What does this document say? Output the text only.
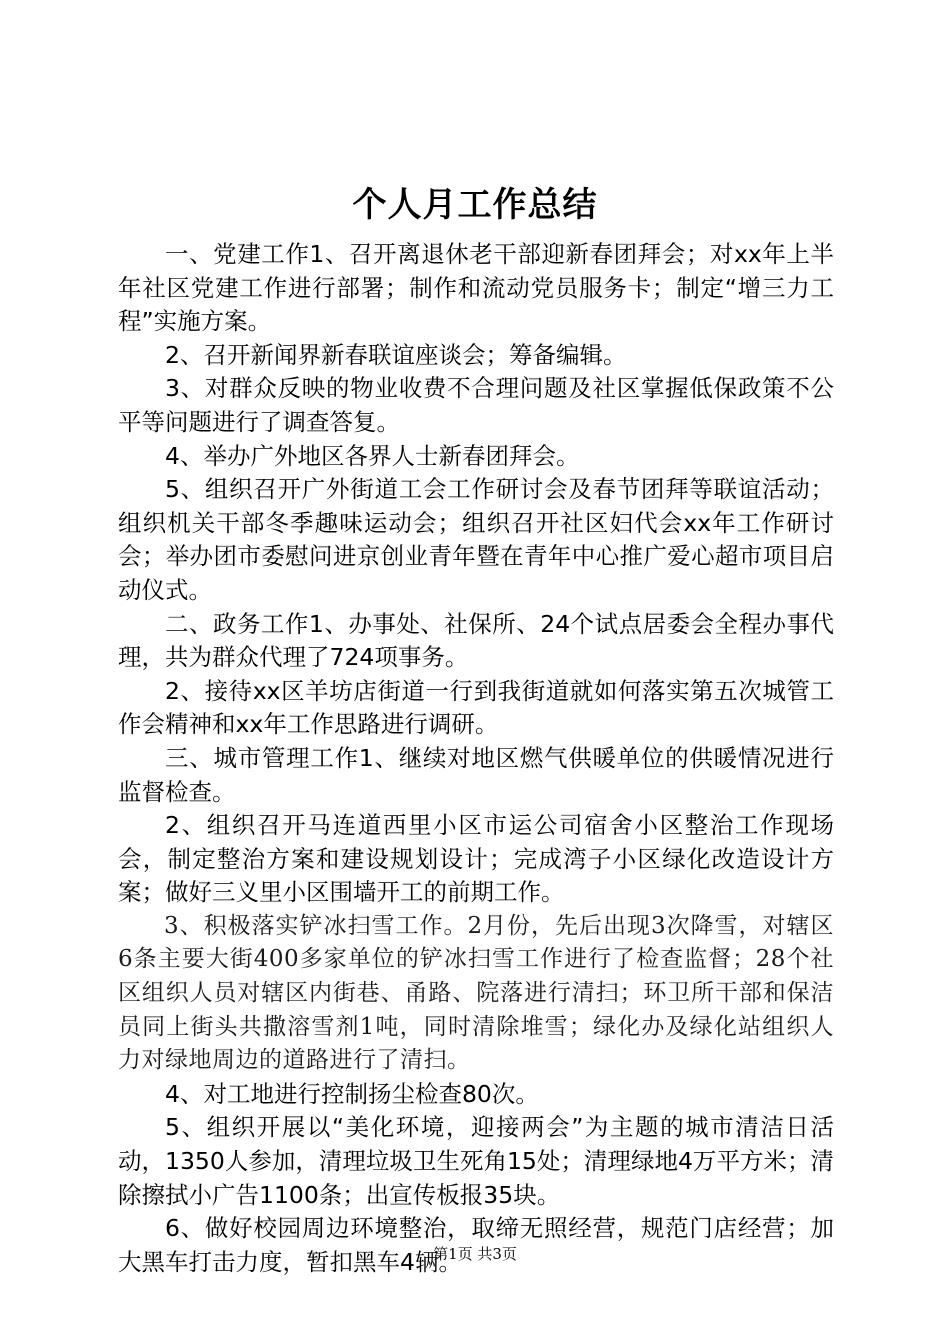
个人月工作总结

一、党建工作1、召开离退休老干部迎新春团拜会；对xx年上半年社区党建工作进行部署；制作和流动党员服务卡；制定“增三力工程”实施方案。

2、召开新闻界新春联谊座谈会；筹备编辑。

3、对群众反映的物业收费不合理问题及社区掌握低保政策不公平等问题进行了调查答复。

4、举办广外地区各界人士新春团拜会。

5、组织召开广外街道工会工作研讨会及春节团拜等联谊活动；组织机关干部冬季趣味运动会；组织召开社区妇代会xx年工作研讨会；举办团市委慰问进京创业青年暨在青年中心推广爱心超市项目启动仪式。

二、政务工作1、办事处、社保所、24个试点居委会全程办事代理，共为群众代理了724项事务。

2、接待xx区羊坊店街道一行到我街道就如何落实第五次城管工作会精神和xx年工作思路进行调研。

三、城市管理工作1、继续对地区燃气供暖单位的供暖情况进行监督检查。

2、组织召开马连道西里小区市运公司宿舍小区整治工作现场会，制定整治方案和建设规划设计；完成湾子小区绿化改造设计方案；做好三义里小区围墙开工的前期工作。

3、积极落实铲冰扫雪工作。2月份，先后出现3次降雪，对辖区6条主要大街400多家单位的铲冰扫雪工作进行了检查监督；28个社区组织人员对辖区内街巷、甬路、院落进行清扫；环卫所干部和保洁员同上街头共撒溶雪剂1吨，同时清除堆雪；绿化办及绿化站组织人力对绿地周边的道路进行了清扫。

4、对工地进行控制扬尘检查80次。

5、组织开展以“美化环境，迎接两会”为主题的城市清洁日活动，1350人参加，清理垃圾卫生死角15处；清理绿地4万平方米；清除擦拭小广告1100条；出宣传板报35块。

6、做好校园周边环境整治，取缔无照经营，规范门店经营；加大黑车打击力度，暂扣黑车4辆。

第1页 共3页
